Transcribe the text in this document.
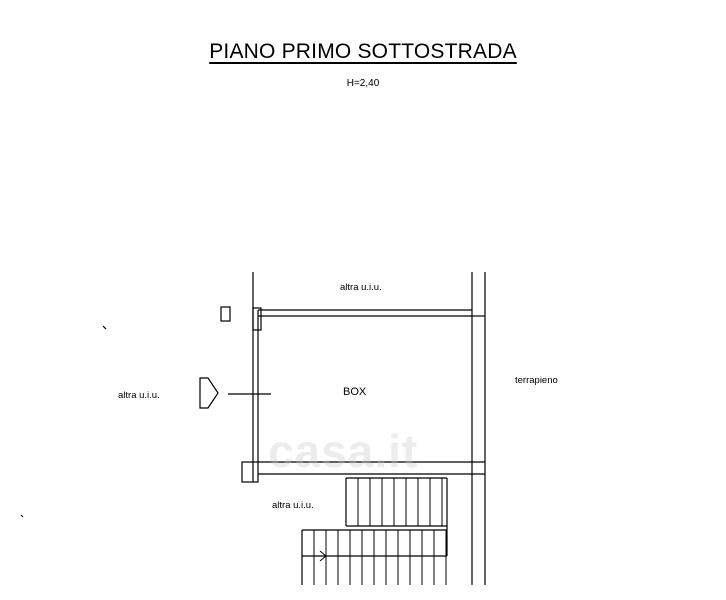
PIANO PRIMO SOTTOSTRADA
H=2,40
casa.it
altra u.i.u.
altra u.i.u.	BOX
terrapieno
altra u.i.u.
